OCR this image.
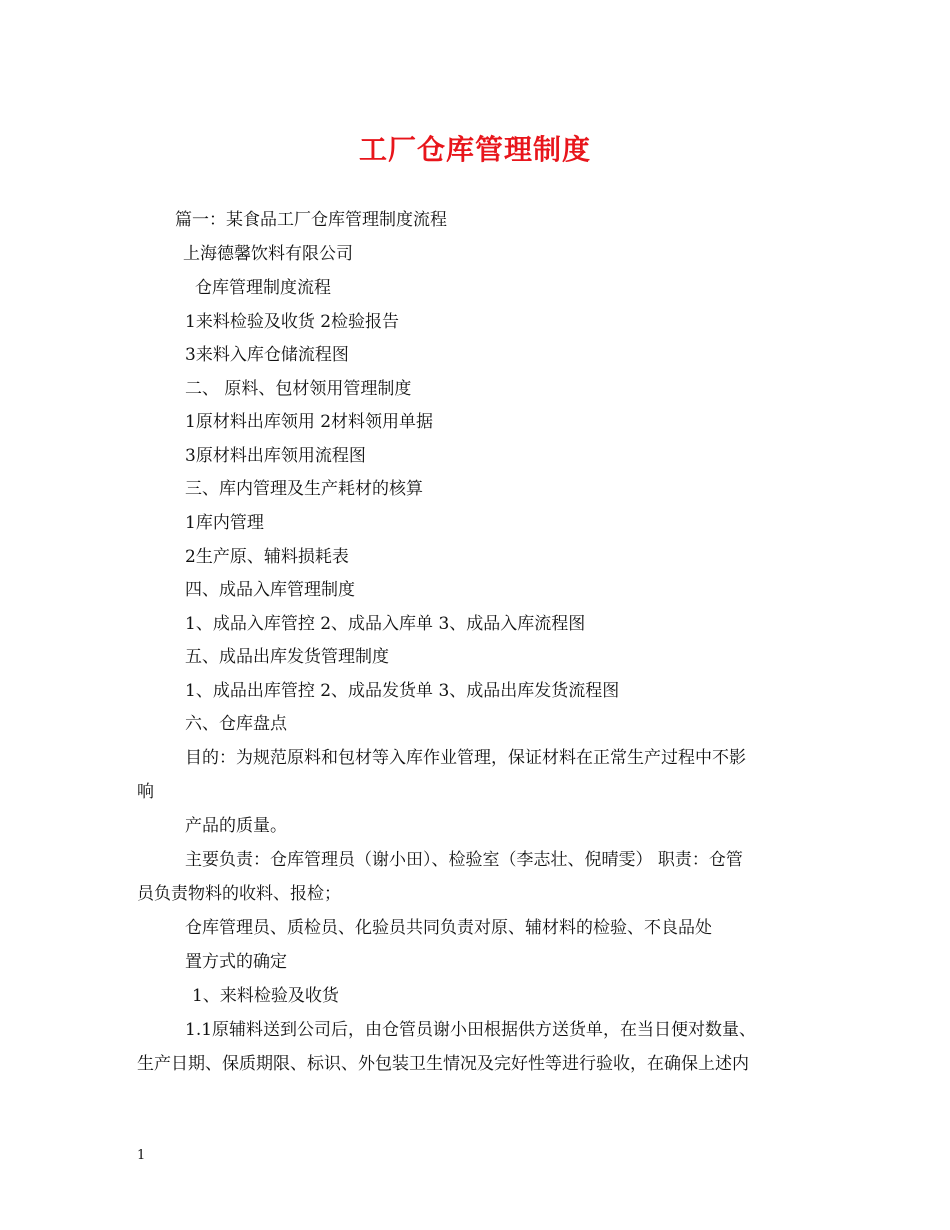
工厂仓库管理制度
篇一：某食品工厂仓库管理制度流程
上海德馨饮料有限公司
仓库管理制度流程
1来料检验及收货 2检验报告
3来料入库仓储流程图
二、 原料、包材领用管理制度
1原材料出库领用 2材料领用单据
3原材料出库领用流程图
三、库内管理及生产耗材的核算
1库内管理
2生产原、辅料损耗表
四、成品入库管理制度
1、成品入库管控 2、成品入库单 3、成品入库流程图
五、成品出库发货管理制度
1、成品出库管控 2、成品发货单 3、成品出库发货流程图
六、仓库盘点
目的：为规范原料和包材等入库作业管理，保证材料在正常生产过程中不影
响
产品的质量。
主要负责：仓库管理员（谢小田）、检验室（李志壮、倪晴雯） 职责：仓管
员负责物料的收料、报检；
仓库管理员、质检员、化验员共同负责对原、辅材料的检验、不良品处
置方式的确定
1、来料检验及收货
1.1原辅料送到公司后，由仓管员谢小田根据供方送货单，在当日便对数量、
生产日期、保质期限、标识、外包装卫生情况及完好性等进行验收，在确保上述内
1
